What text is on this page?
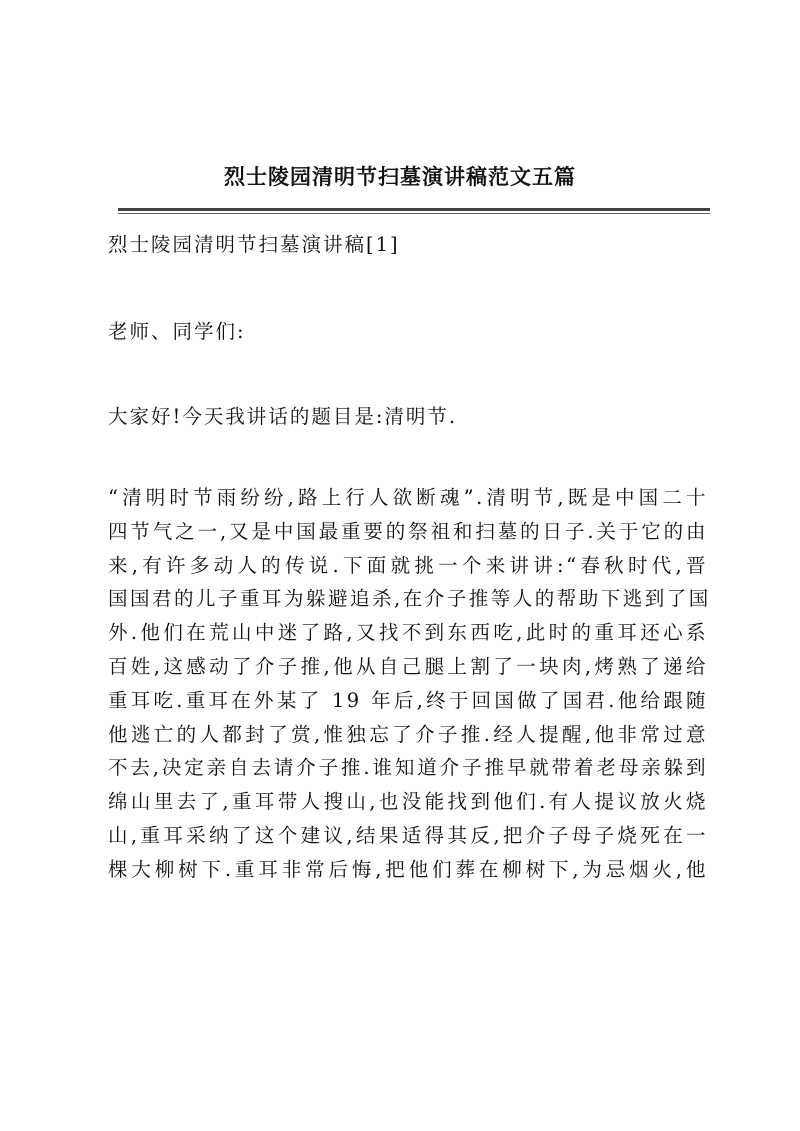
烈士陵园清明节扫墓演讲稿范文五篇

烈士陵园清明节扫墓演讲稿[1]

老师、同学们:

大家好!今天我讲话的题目是:清明节.

“清明时节雨纷纷,路上行人欲断魂”.清明节,既是中国二十
四节气之一,又是中国最重要的祭祖和扫墓的日子.关于它的由
来,有许多动人的传说.下面就挑一个来讲讲:“春秋时代,晋
国国君的儿子重耳为躲避追杀,在介子推等人的帮助下逃到了国
外.他们在荒山中迷了路,又找不到东西吃,此时的重耳还心系
百姓,这感动了介子推,他从自己腿上割了一块肉,烤熟了递给
重耳吃.重耳在外某了 19 年后,终于回国做了国君.他给跟随
他逃亡的人都封了赏,惟独忘了介子推.经人提醒,他非常过意
不去,决定亲自去请介子推.谁知道介子推早就带着老母亲躲到
绵山里去了,重耳带人搜山,也没能找到他们.有人提议放火烧
山,重耳采纳了这个建议,结果适得其反,把介子母子烧死在一
棵大柳树下.重耳非常后悔,把他们葬在柳树下,为忌烟火,他
